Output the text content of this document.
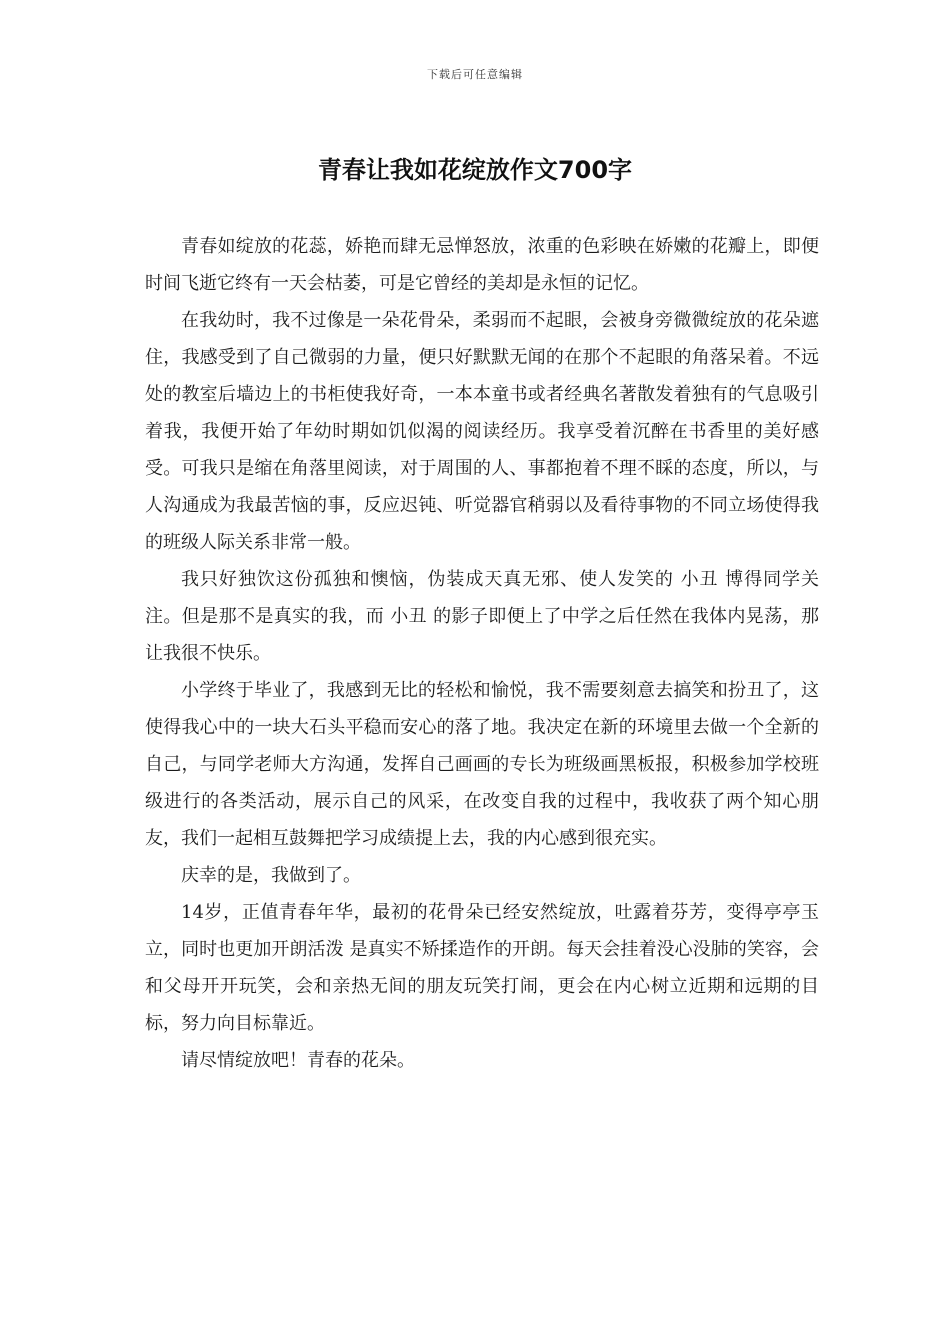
下载后可任意编辑
青春让我如花绽放作文700字

青春如绽放的花蕊，娇艳而肆无忌惮怒放，浓重的色彩映在娇嫩的花瓣上，即便时间飞逝它终有一天会枯萎，可是它曾经的美却是永恒的记忆。

在我幼时，我不过像是一朵花骨朵，柔弱而不起眼，会被身旁微微绽放的花朵遮住，我感受到了自己微弱的力量，便只好默默无闻的在那个不起眼的角落呆着。不远处的教室后墙边上的书柜使我好奇，一本本童书或者经典名著散发着独有的气息吸引着我，我便开始了年幼时期如饥似渴的阅读经历。我享受着沉醉在书香里的美好感受。可我只是缩在角落里阅读，对于周围的人、事都抱着不理不睬的态度，所以，与人沟通成为我最苦恼的事，反应迟钝、听觉器官稍弱以及看待事物的不同立场使得我的班级人际关系非常一般。

我只好独饮这份孤独和懊恼，伪装成天真无邪、使人发笑的 小丑 博得同学关注。但是那不是真实的我，而 小丑 的影子即便上了中学之后任然在我体内晃荡，那让我很不快乐。

小学终于毕业了，我感到无比的轻松和愉悦，我不需要刻意去搞笑和扮丑了，这使得我心中的一块大石头平稳而安心的落了地。我决定在新的环境里去做一个全新的自己，与同学老师大方沟通，发挥自己画画的专长为班级画黑板报，积极参加学校班级进行的各类活动，展示自己的风采，在改变自我的过程中，我收获了两个知心朋友，我们一起相互鼓舞把学习成绩提上去，我的内心感到很充实。

庆幸的是，我做到了。

14岁，正值青春年华，最初的花骨朵已经安然绽放，吐露着芬芳，变得亭亭玉立，同时也更加开朗活泼 是真实不矫揉造作的开朗。每天会挂着没心没肺的笑容，会和父母开开玩笑，会和亲热无间的朋友玩笑打闹，更会在内心树立近期和远期的目标，努力向目标靠近。

请尽情绽放吧！青春的花朵。
